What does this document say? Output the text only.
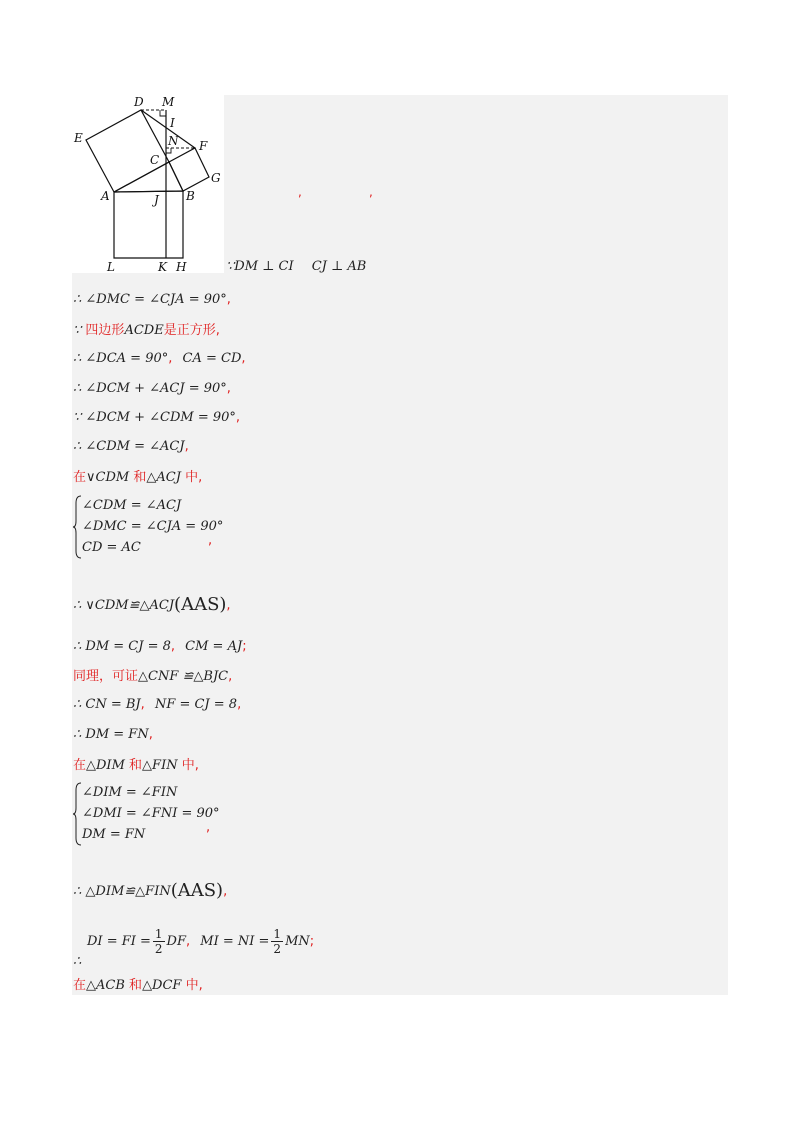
D M
I
E	N F
C
G
A	J B
L	K H
,	,
∵DM ⊥ CI CJ ⊥ AB
∴ ∠DMC = ∠CJA = 90°,
∵ 四边形ACDE是正方形,
∴ ∠DCA = 90°, CA = CD,
∴ ∠DCM + ∠ACJ = 90°,
∵ ∠DCM + ∠CDM = 90°,
∴ ∠CDM = ∠ACJ,
在∨CDM 和△ACJ 中,
∠CDM = ∠ACJ
∠DMC = ∠CJA = 90°
CD = AC	,
∴ ∨CDM≌△ACJ(AAS),
∴ DM = CJ = 8, CM = AJ;
同理，可证△CNF ≌△BJC,
∴ CN = BJ, NF = CJ = 8,
∴ DM = FN,
在△DIM 和△FIN 中,
∠DIM = ∠FIN
∠DMI = ∠FNI = 90°
DM = FN	,
∴ △DIM≌△FIN(AAS),
∴
DI = FI = $\frac{1}{2}$ DF, MI = NI = $\frac{1}{2}$ MN;
在△ACB 和△DCF 中,
